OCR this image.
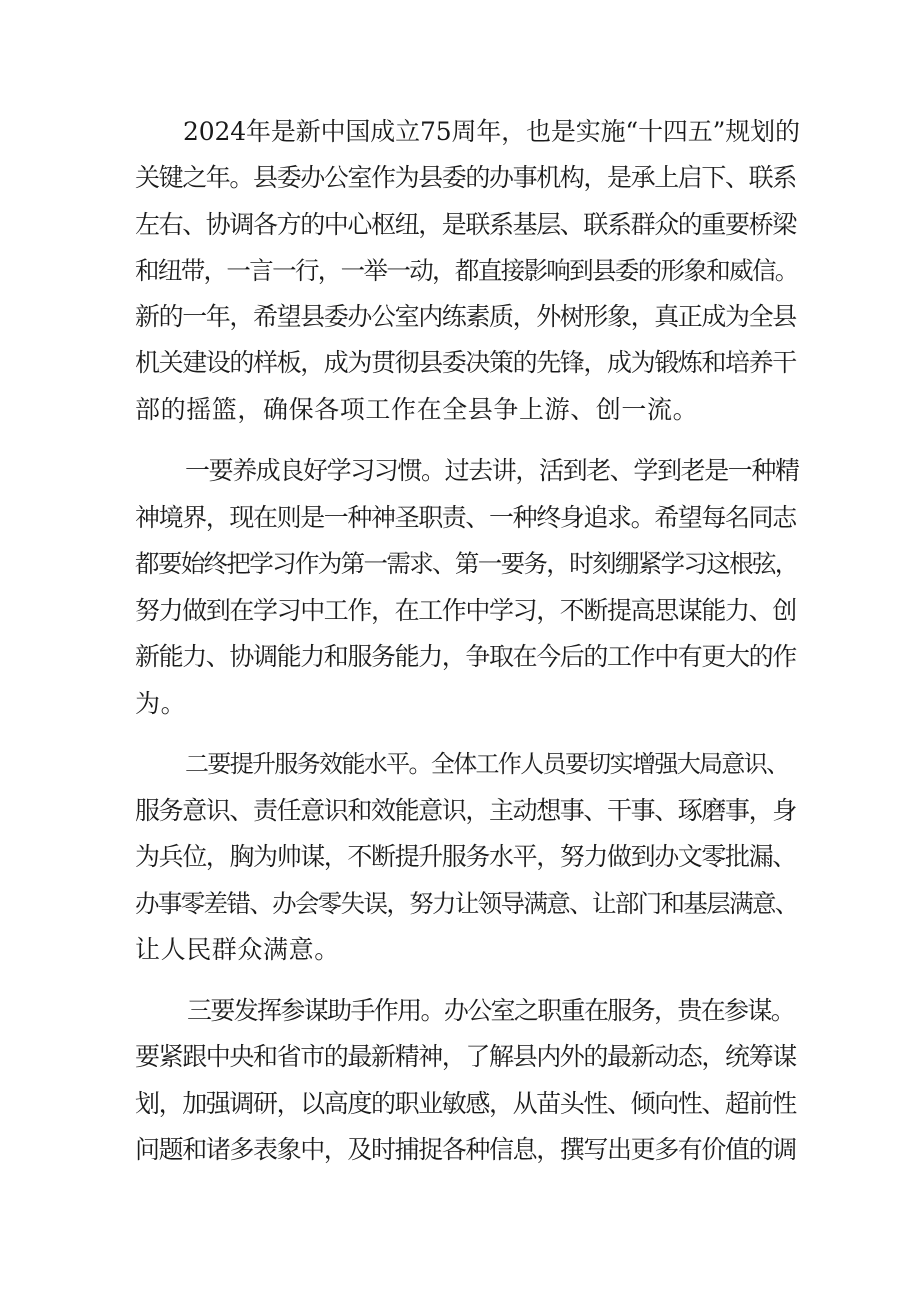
2024年是新中国成立75周年，也是实施“十四五”规划的
关键之年。县委办公室作为县委的办事机构，是承上启下、联系
左右、协调各方的中心枢纽，是联系基层、联系群众的重要桥梁
和纽带，一言一行，一举一动，都直接影响到县委的形象和威信。
新的一年，希望县委办公室内练素质，外树形象，真正成为全县
机关建设的样板，成为贯彻县委决策的先锋，成为锻炼和培养干
部的摇篮，确保各项工作在全县争上游、创一流。
一要养成良好学习习惯。过去讲，活到老、学到老是一种精
神境界，现在则是一种神圣职责、一种终身追求。希望每名同志
都要始终把学习作为第一需求、第一要务，时刻绷紧学习这根弦，
努力做到在学习中工作，在工作中学习，不断提高思谋能力、创
新能力、协调能力和服务能力，争取在今后的工作中有更大的作
为。
二要提升服务效能水平。全体工作人员要切实增强大局意识、
服务意识、责任意识和效能意识，主动想事、干事、琢磨事，身
为兵位，胸为帅谋，不断提升服务水平，努力做到办文零批漏、
办事零差错、办会零失误，努力让领导满意、让部门和基层满意、
让人民群众满意。
三要发挥参谋助手作用。办公室之职重在服务，贵在参谋。
要紧跟中央和省市的最新精神，了解县内外的最新动态，统筹谋
划，加强调研，以高度的职业敏感，从苗头性、倾向性、超前性
问题和诸多表象中，及时捕捉各种信息，撰写出更多有价值的调
